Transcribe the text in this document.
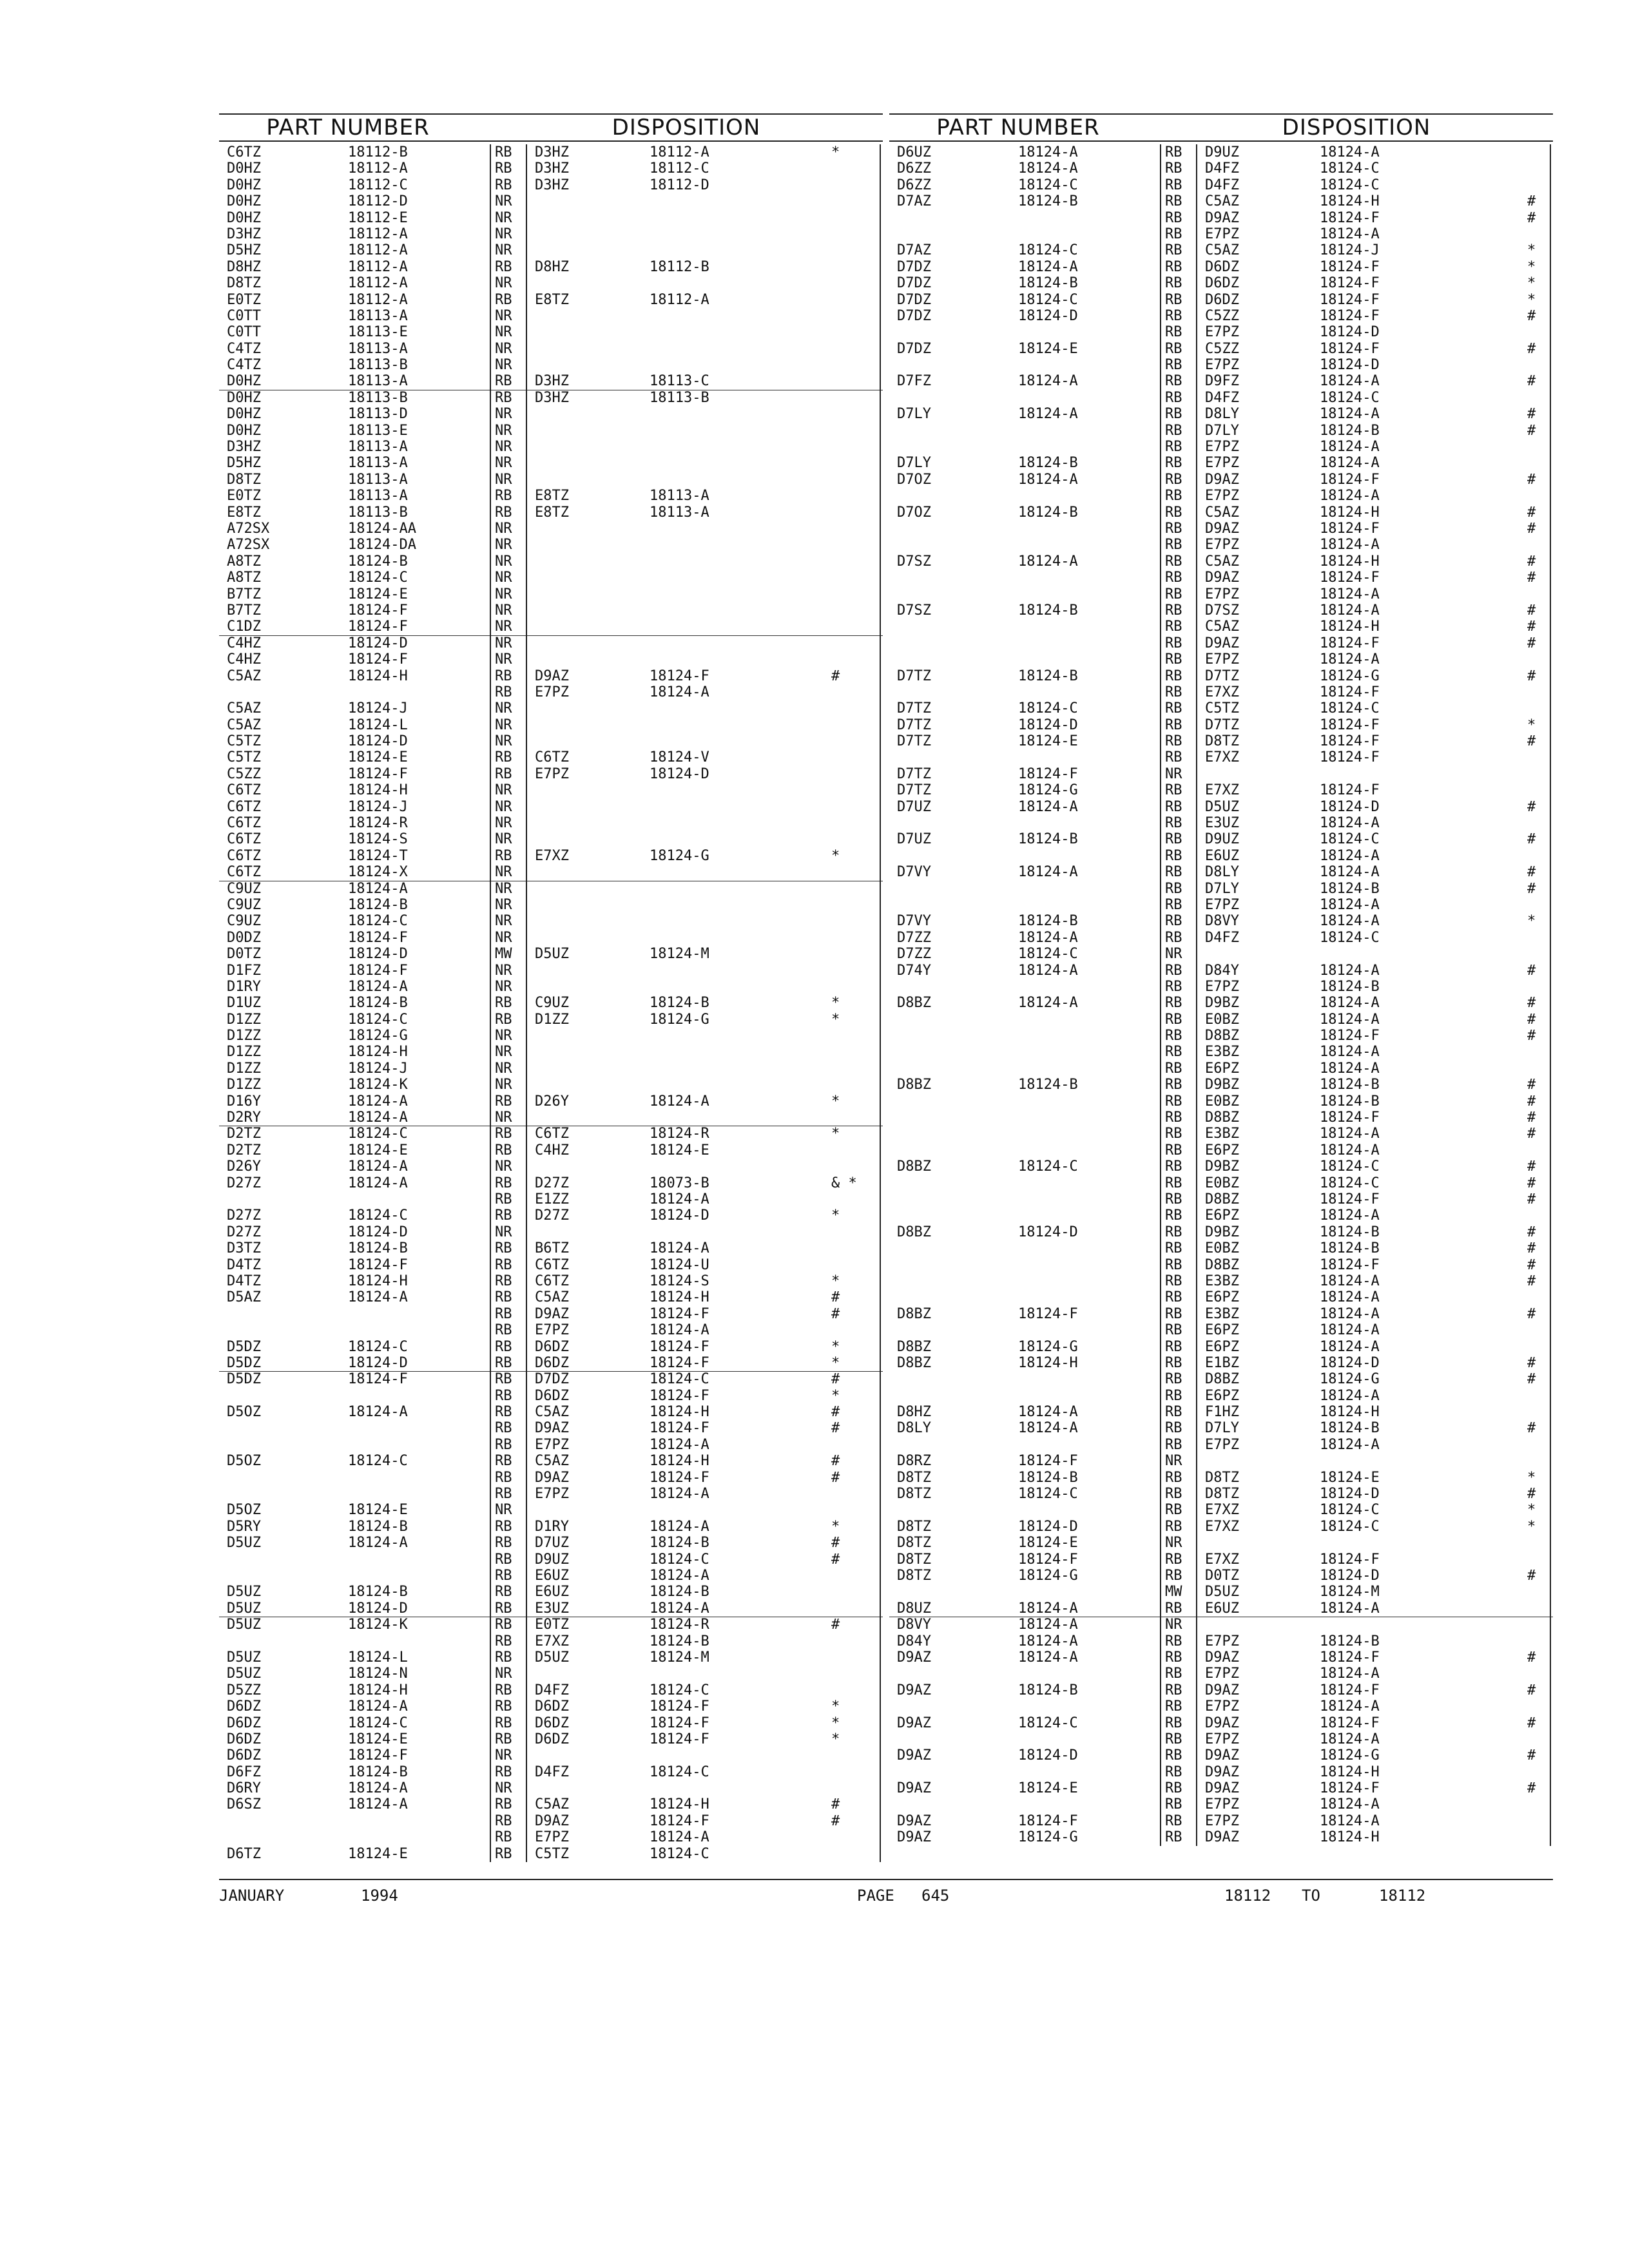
PART NUMBER	DISPOSITION
C6TZ	18112-B	RB D3HZ	18112-A	*
D0HZ	18112-A	RB D3HZ	18112-C
D0HZ	18112-C	RB D3HZ	18112-D
D0HZ	18112-D	NR
D0HZ	18112-E	NR
D3HZ	18112-A	NR
D5HZ	18112-A	NR
D8HZ	18112-A	RB D8HZ	18112-B
D8TZ	18112-A	NR
E0TZ	18112-A	RB E8TZ	18112-A
C0TT	18113-A	NR
C0TT	18113-E	NR
C4TZ	18113-A	NR
C4TZ	18113-B	NR
D0HZ	18113-A	RB D3HZ	18113-C
D0HZ	18113-B	RB D3HZ	18113-B
D0HZ	18113-D	NR
D0HZ	18113-E	NR
D3HZ	18113-A	NR
D5HZ	18113-A	NR
D8TZ	18113-A	NR
E0TZ	18113-A	RB E8TZ	18113-A
E8TZ	18113-B	RB E8TZ	18113-A
A72SX	18124-AA	NR
A72SX	18124-DA	NR
A8TZ	18124-B	NR
A8TZ	18124-C	NR
B7TZ	18124-E	NR
B7TZ	18124-F	NR
C1DZ	18124-F	NR
C4HZ	18124-D	NR
C4HZ	18124-F	NR
C5AZ	18124-H	RB D9AZ	18124-F	#
RB E7PZ	18124-A
C5AZ	18124-J	NR
C5AZ	18124-L	NR
C5TZ	18124-D	NR
C5TZ	18124-E	RB C6TZ	18124-V
C5ZZ	18124-F	RB E7PZ	18124-D
C6TZ	18124-H	NR
C6TZ	18124-J	NR
C6TZ	18124-R	NR
C6TZ	18124-S	NR
C6TZ	18124-T	RB E7XZ	18124-G	*
C6TZ	18124-X	NR
C9UZ	18124-A	NR
C9UZ	18124-B	NR
C9UZ	18124-C	NR
D0DZ	18124-F	NR
D0TZ	18124-D	MW D5UZ	18124-M
D1FZ	18124-F	NR
D1RY	18124-A	NR
D1UZ	18124-B	RB C9UZ	18124-B	*
D1ZZ	18124-C	RB D1ZZ	18124-G	*
D1ZZ	18124-G	NR
D1ZZ	18124-H	NR
D1ZZ	18124-J	NR
D1ZZ	18124-K	NR
D16Y	18124-A	RB D26Y	18124-A	*
D2RY	18124-A	NR
D2TZ	18124-C	RB C6TZ	18124-R	*
D2TZ	18124-E	RB C4HZ	18124-E
D26Y	18124-A	NR
D27Z	18124-A	RB D27Z	18073-B	& *
RB E1ZZ	18124-A
D27Z	18124-C	RB D27Z	18124-D	*
D27Z	18124-D	NR
D3TZ	18124-B	RB B6TZ	18124-A
D4TZ	18124-F	RB C6TZ	18124-U
D4TZ	18124-H	RB C6TZ	18124-S	*
D5AZ	18124-A	RB C5AZ	18124-H	#
RB D9AZ	18124-F	#
RB E7PZ	18124-A
D5DZ	18124-C	RB D6DZ	18124-F	*
D5DZ	18124-D	RB D6DZ	18124-F	*
D5DZ	18124-F	RB D7DZ	18124-C	#
RB D6DZ	18124-F	*
D5OZ	18124-A	RB C5AZ	18124-H	#
RB D9AZ	18124-F	#
RB E7PZ	18124-A
D5OZ	18124-C	RB C5AZ	18124-H	#
RB D9AZ	18124-F	#
RB E7PZ	18124-A
D5OZ	18124-E	NR
D5RY	18124-B	RB D1RY	18124-A	*
D5UZ	18124-A	RB D7UZ	18124-B	#
RB D9UZ	18124-C	#
RB E6UZ	18124-A
D5UZ	18124-B	RB E6UZ	18124-B
D5UZ	18124-D	RB E3UZ	18124-A
D5UZ	18124-K	RB E0TZ	18124-R	#
RB E7XZ	18124-B
D5UZ	18124-L	RB D5UZ	18124-M
D5UZ	18124-N	NR
D5ZZ	18124-H	RB D4FZ	18124-C
D6DZ	18124-A	RB D6DZ	18124-F	*
D6DZ	18124-C	RB D6DZ	18124-F	*
D6DZ	18124-E	RB D6DZ	18124-F	*
D6DZ	18124-F	NR
D6FZ	18124-B	RB D4FZ	18124-C
D6RY	18124-A	NR
D6SZ	18124-A	RB C5AZ	18124-H	#
RB D9AZ	18124-F	#
RB E7PZ	18124-A
D6TZ	18124-E	RB C5TZ	18124-C
PART NUMBER	DISPOSITION
D6UZ	18124-A	RB D9UZ	18124-A
D6ZZ	18124-A	RB D4FZ	18124-C
D6ZZ	18124-C	RB D4FZ	18124-C
D7AZ	18124-B	RB C5AZ	18124-H	#
RB D9AZ	18124-F	#
RB E7PZ	18124-A
D7AZ	18124-C	RB C5AZ	18124-J	*
D7DZ	18124-A	RB D6DZ	18124-F	*
D7DZ	18124-B	RB D6DZ	18124-F	*
D7DZ	18124-C	RB D6DZ	18124-F	*
D7DZ	18124-D	RB C5ZZ	18124-F	#
RB E7PZ	18124-D
D7DZ	18124-E	RB C5ZZ	18124-F	#
RB E7PZ	18124-D
D7FZ	18124-A	RB D9FZ	18124-A	#
RB D4FZ	18124-C
D7LY	18124-A	RB D8LY	18124-A	#
RB D7LY	18124-B	#
RB E7PZ	18124-A
D7LY	18124-B	RB E7PZ	18124-A
D7OZ	18124-A	RB D9AZ	18124-F	#
RB E7PZ	18124-A
D7OZ	18124-B	RB C5AZ	18124-H	#
RB D9AZ	18124-F	#
RB E7PZ	18124-A
D7SZ	18124-A	RB C5AZ	18124-H	#
RB D9AZ	18124-F	#
RB E7PZ	18124-A
D7SZ	18124-B	RB D7SZ	18124-A	#
RB C5AZ	18124-H	#
RB D9AZ	18124-F	#
RB E7PZ	18124-A
D7TZ	18124-B	RB D7TZ	18124-G	#
RB E7XZ	18124-F
D7TZ	18124-C	RB C5TZ	18124-C
D7TZ	18124-D	RB D7TZ	18124-F	*
D7TZ	18124-E	RB D8TZ	18124-F	#
RB E7XZ	18124-F
D7TZ	18124-F	NR
D7TZ	18124-G	RB E7XZ	18124-F
D7UZ	18124-A	RB D5UZ	18124-D	#
RB E3UZ	18124-A
D7UZ	18124-B	RB D9UZ	18124-C	#
RB E6UZ	18124-A
D7VY	18124-A	RB D8LY	18124-A	#
RB D7LY	18124-B	#
RB E7PZ	18124-A
D7VY	18124-B	RB D8VY	18124-A	*
D7ZZ	18124-A	RB D4FZ	18124-C
D7ZZ	18124-C	NR
D74Y	18124-A	RB D84Y	18124-A	#
RB E7PZ	18124-B
D8BZ	18124-A	RB D9BZ	18124-A	#
RB E0BZ	18124-A	#
RB D8BZ	18124-F	#
RB E3BZ	18124-A
RB E6PZ	18124-A
D8BZ	18124-B	RB D9BZ	18124-B	#
RB E0BZ	18124-B	#
RB D8BZ	18124-F	#
RB E3BZ	18124-A	#
RB E6PZ	18124-A
D8BZ	18124-C	RB D9BZ	18124-C	#
RB E0BZ	18124-C	#
RB D8BZ	18124-F	#
RB E6PZ	18124-A
D8BZ	18124-D	RB D9BZ	18124-B	#
RB E0BZ	18124-B	#
RB D8BZ	18124-F	#
RB E3BZ	18124-A	#
RB E6PZ	18124-A
D8BZ	18124-F	RB E3BZ	18124-A	#
RB E6PZ	18124-A
D8BZ	18124-G	RB E6PZ	18124-A
D8BZ	18124-H	RB E1BZ	18124-D	#
RB D8BZ	18124-G	#
RB E6PZ	18124-A
D8HZ	18124-A	RB F1HZ	18124-H
D8LY	18124-A	RB D7LY	18124-B	#
RB E7PZ	18124-A
D8RZ	18124-F	NR
D8TZ	18124-B	RB D8TZ	18124-E	*
D8TZ	18124-C	RB D8TZ	18124-D	#
RB E7XZ	18124-C	*
D8TZ	18124-D	RB E7XZ	18124-C	*
D8TZ	18124-E	NR
D8TZ	18124-F	RB E7XZ	18124-F
D8TZ	18124-G	RB D0TZ	18124-D	#
MW D5UZ	18124-M
D8UZ	18124-A	RB E6UZ	18124-A
D8VY	18124-A	NR
D84Y	18124-A	RB E7PZ	18124-B
D9AZ	18124-A	RB D9AZ	18124-F	#
RB E7PZ	18124-A
D9AZ	18124-B	RB D9AZ	18124-F	#
RB E7PZ	18124-A
D9AZ	18124-C	RB D9AZ	18124-F	#
RB E7PZ	18124-A
D9AZ	18124-D	RB D9AZ	18124-G	#
RB D9AZ	18124-H
D9AZ	18124-E	RB D9AZ	18124-F	#
RB E7PZ	18124-A
D9AZ	18124-F	RB E7PZ	18124-A
D9AZ	18124-G	RB D9AZ	18124-H
JANUARY	1994	PAGE 645	18112 TO	18112
